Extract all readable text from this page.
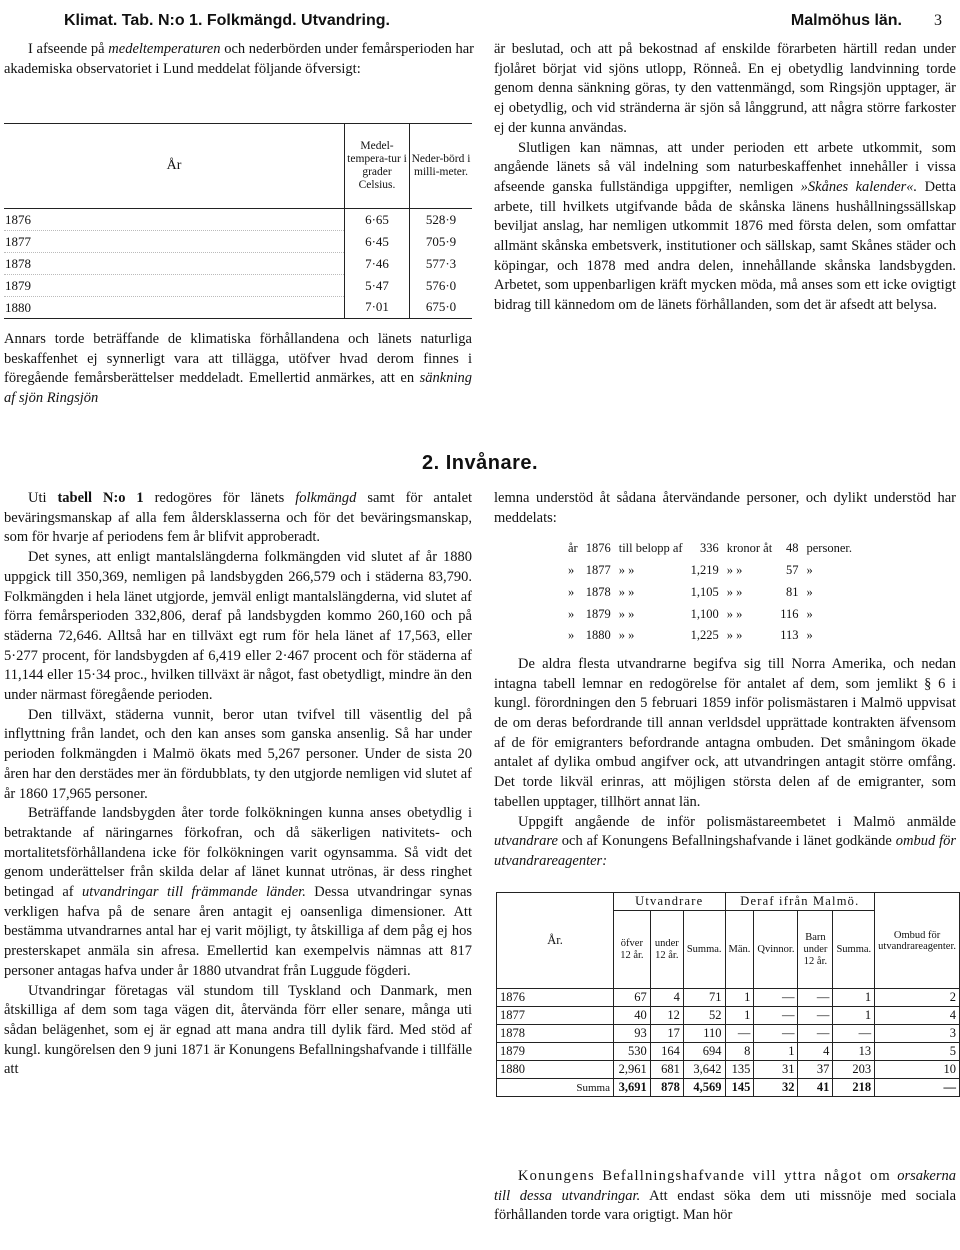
Klimat. Tab. N:o 1. Folkmängd. Utvandring.	Malmöhus län. 3

I afseende på medeltemperaturen och nederbörden under femårsperioden har akademiska observatoriet i Lund meddelat följande öfversigt:

År	Medel-tempera-tur i grader Celsius.	Neder-börd i milli-meter.
1876	6·65	528·9
1877	6·45	705·9
1878	7·46	577·3
1879	5·47	576·0
1880	7·01	675·0

Annars torde beträffande de klimatiska förhållandena och länets naturliga beskaffenhet ej synnerligt vara att tillägga, utöfver hvad derom finnes i föregående femårsberättelser meddeladt. Emellertid anmärkes, att en sänkning af sjön Ringsjön

är beslutad, och att på bekostnad af enskilde förarbeten härtill redan under fjolåret börjat vid sjöns utlopp, Rönneå. En ej obetydlig landvinning torde genom denna sänkning göras, ty den vattenmängd, som Ringsjön upptager, är ej obetydlig, och vid stränderna är sjön så långgrund, att några större farkoster ej der kunna användas.

Slutligen kan nämnas, att under perioden ett arbete utkommit, som angående länets så väl indelning som naturbeskaffenhet innehåller i vissa afseende ganska fullständiga uppgifter, nemligen »Skånes kalender«. Detta arbete, till hvilkets utgifvande båda de skånska länens hushållningssällskap beviljat anslag, har nemligen utkommit 1876 med första delen, som omfattar allmänt skånska embetsverk, institutioner och sällskap, samt Skånes städer och köpingar, och 1878 med andra delen, innehållande skånska landsbygden. Arbetet, som uppenbarligen kräft mycken möda, må anses som ett icke ovigtigt bidrag till kännedom om de länets förhållanden, som det är afsedt att belysa.

2. Invånare.

Uti tabell N:o 1 redogöres för länets folkmängd samt för antalet beväringsmanskap af alla fem åldersklasserna och för det beväringsmanskap, som för hvarje af periodens fem år blifvit approberadt.

Det synes, att enligt mantalslängderna folkmängden vid slutet af år 1880 uppgick till 350,369, nemligen på landsbygden 266,579 och i städerna 83,790. Folkmängden i hela länet utgjorde, jemväl enligt mantalslängderna, vid slutet af förra femårsperioden 332,806, deraf på landsbygden kommo 260,160 och på städerna 72,646. Alltså har en tillväxt egt rum för hela länet af 17,563, eller 5·277 procent, för landsbygden af 6,419 eller 2·467 procent och för städerna af 11,144 eller 15·34 proc., hvilken tillväxt är något, fast obetydligt, mindre än den under närmast föregående perioden.

Den tillväxt, städerna vunnit, beror utan tvifvel till väsentlig del på inflyttning från landet, och den kan anses som ganska ansenlig. Så har under perioden folkmängden i Malmö ökats med 5,267 personer. Under de sista 20 åren har den derstädes mer än fördubblats, ty den utgjorde nemligen vid slutet af år 1860 17,965 personer.

Beträffande landsbygden åter torde folkökningen kunna anses obetydlig i betraktande af näringarnes förkofran, och då säkerligen nativitets- och mortalitetsförhållandena icke för folkökningen varit ogynsamma. Så vidt det genom underättelser från skilda delar af länet kunnat utrönas, är dess ringhet betingad af utvandringar till främmande länder. Dessa utvandringar synas verkligen hafva på de senare åren antagit ej oansenliga dimensioner. Att bestämma utvandrarnes antal har ej varit möjligt, ty åtskilliga af dem påg ej hos presterskapet anmäla sin afresa. Emellertid kan exempelvis nämnas att 817 personer antagas hafva under år 1880 utvandrat från Luggude fögderi.

Utvandringar företagas väl stundom till Tyskland och Danmark, men åtskilliga af dem som taga vägen dit, återvända förr eller senare, många uti sådan belägenhet, som ej är egnad att mana andra till dylik färd. Med stöd af kungl. kungörelsen den 9 juni 1871 är Konungens Befallningshafvande i tillfälle att

lemna understöd åt sådana återvändande personer, och dylikt understöd har meddelats:

år	1876	till belopp af	336	kronor åt	48	personer.
»	1877	» »	1,219	» »	57	»
»	1878	» »	1,105	» »	81	»
»	1879	» »	1,100	» »	116	»
»	1880	» »	1,225	» »	113	»

De aldra flesta utvandrarne begifva sig till Norra Amerika, och nedan intagna tabell lemnar en redogörelse för antalet af dem, som jemlikt § 6 i kungl. förordningen den 5 februari 1859 inför polismästaren i Malmö uppvisat de om deras befordrande till annan verldsdel upprättade kontrakten äfvensom af de för emigranters befordrande antagna ombuden. Det småningom ökade antalet af dylika ombud angifver ock, att utvandringen antagit större omfång. Det torde likväl erinras, att möjligen största delen af de emigranter, som tabellen upptager, tillhört annat län.

Uppgift angående de inför polismästareembetet i Malmö anmälde utvandrare och af Konungens Befallningshafvande i länet godkände ombud för utvandrareagenter:

År.	Utvandrare			Deraf ifrån Malmö.				Ombud för utvandrareagenter.
	öfver 12 år.	under 12 år.	Summa.	Män.	Qvinnor.	Barn under 12 år.	Summa.	
1876	67	4	71	1	—	—	1	2
1877	40	12	52	1	—	—	1	4
1878	93	17	110	—	—	—	—	3
1879	530	164	694	8	1	4	13	5
1880	2,961	681	3,642	135	31	37	203	10
Summa	3,691	878	4,569	145	32	41	218	—

Konungens Befallningshafvande vill yttra något om orsakerna till dessa utvandringar. Att endast söka dem uti missnöje med sociala förhållanden torde vara origtigt. Man hör
